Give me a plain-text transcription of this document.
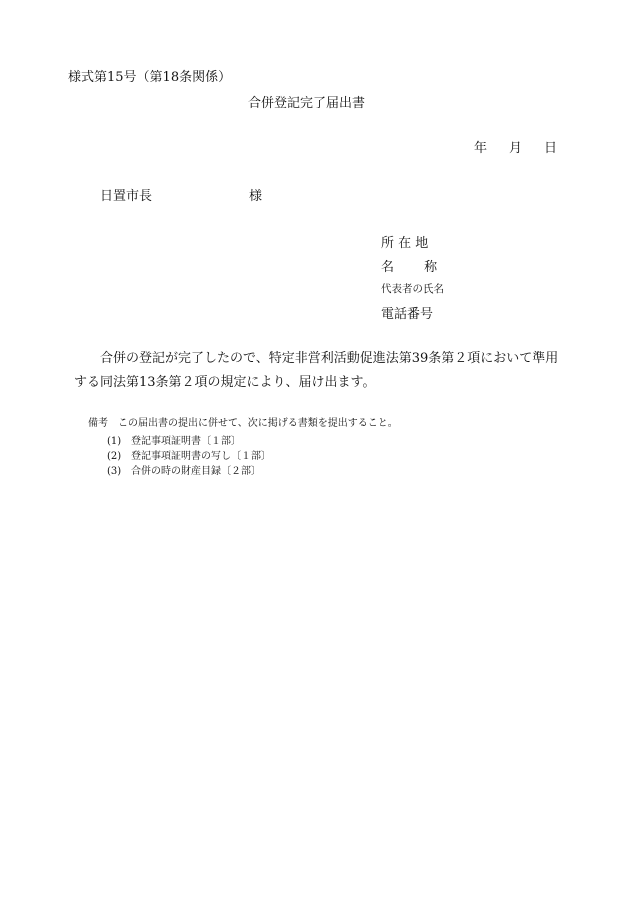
様式第15号（第18条関係）
合併登記完了届出書
年 月 日
日置市長	様
所 在 地
名　　 称
代表者の氏名
電話番号
合併の登記が完了したので、特定非営利活動促進法第39条第２項において準用する同法第13条第２項の規定により、届け出ます。
備考　この届出書の提出に併せて、次に掲げる書類を提出すること。
(1) 登記事項証明書〔１部〕
(2) 登記事項証明書の写し〔１部〕
(3) 合併の時の財産目録〔２部〕
